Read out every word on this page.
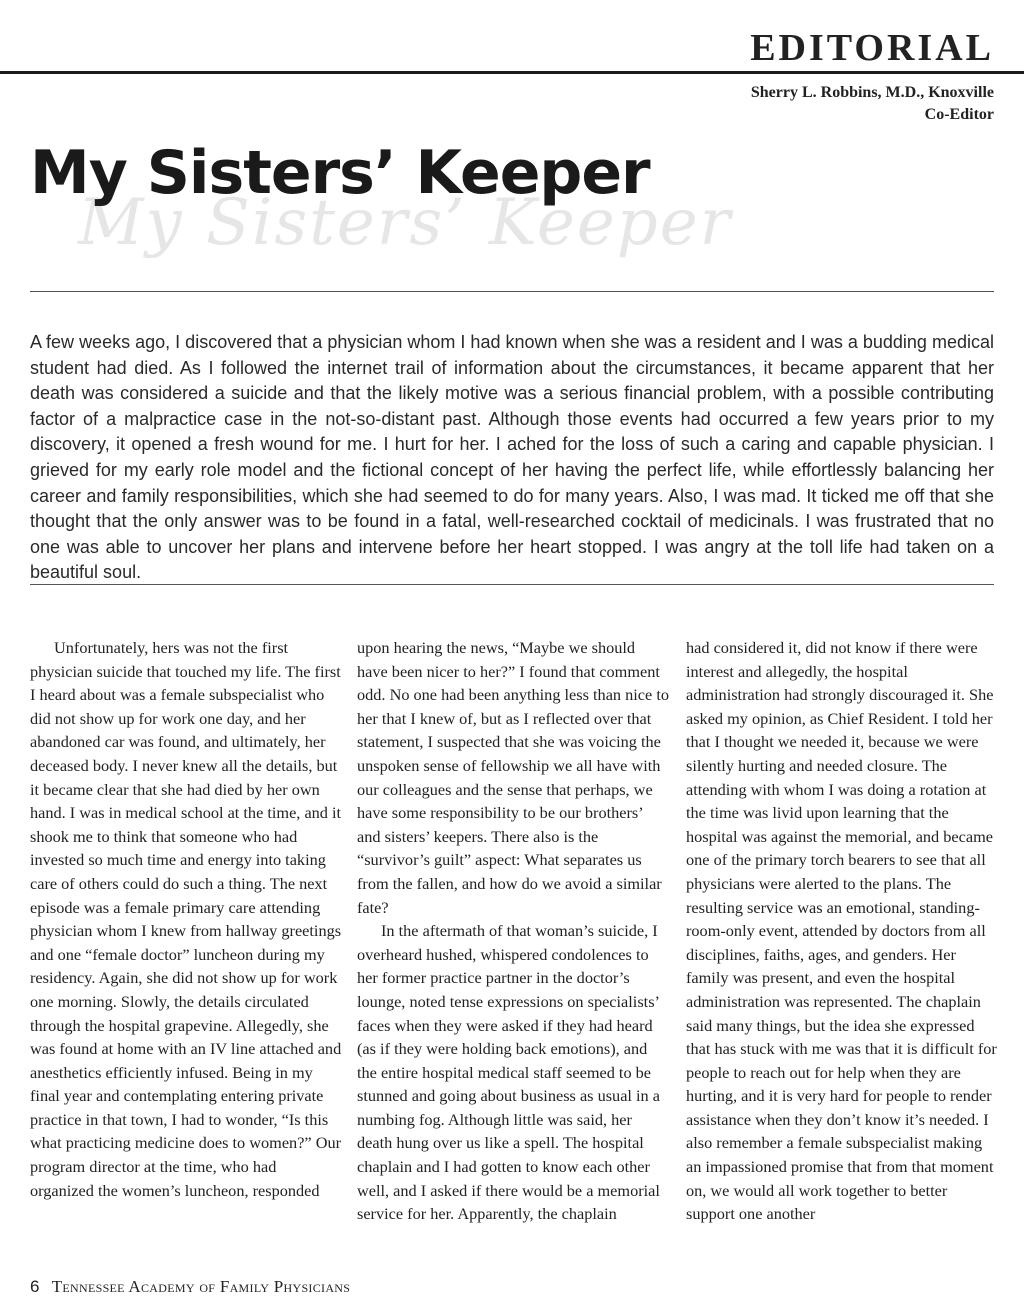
EDITORIAL
Sherry L. Robbins, M.D., Knoxville
Co-Editor
My Sisters’ Keeper
My Sisters’ Keeper

A few weeks ago, I discovered that a physician whom I had known when she was a resident and I was a budding medical student had died. As I followed the internet trail of information about the circumstances, it became apparent that her death was considered a suicide and that the likely motive was a serious financial problem, with a possible contributing factor of a malpractice case in the not-so-distant past. Although those events had occurred a few years prior to my discovery, it opened a fresh wound for me. I hurt for her. I ached for the loss of such a caring and capable physician. I grieved for my early role model and the fictional concept of her having the perfect life, while effortlessly balancing her career and family responsibilities, which she had seemed to do for many years. Also, I was mad. It ticked me off that she thought that the only answer was to be found in a fatal, well-researched cocktail of medicinals. I was frustrated that no one was able to uncover her plans and intervene before her heart stopped. I was angry at the toll life had taken on a beautiful soul.

Unfortunately, hers was not the first physician suicide that touched my life. The first I heard about was a female subspecialist who did not show up for work one day, and her abandoned car was found, and ultimately, her deceased body. I never knew all the details, but it became clear that she had died by her own hand. I was in medical school at the time, and it shook me to think that someone who had invested so much time and energy into taking care of others could do such a thing. The next episode was a female primary care attending physician whom I knew from hallway greetings and one “female doctor” luncheon during my residency. Again, she did not show up for work one morning. Slowly, the details circulated through the hospital grapevine. Allegedly, she was found at home with an IV line attached and anesthetics efficiently infused. Being in my final year and contemplating entering private practice in that town, I had to wonder, “Is this what practicing medicine does to women?” Our program director at the time, who had organized the women’s luncheon, responded

upon hearing the news, “Maybe we should have been nicer to her?” I found that comment odd. No one had been anything less than nice to her that I knew of, but as I reflected over that statement, I suspected that she was voicing the unspoken sense of fellowship we all have with our colleagues and the sense that perhaps, we have some responsibility to be our brothers’ and sisters’ keepers. There also is the “survivor’s guilt” aspect: What separates us from the fallen, and how do we avoid a similar fate?

In the aftermath of that woman’s suicide, I overheard hushed, whispered condolences to her former practice partner in the doctor’s lounge, noted tense expressions on specialists’ faces when they were asked if they had heard (as if they were holding back emotions), and the entire hospital medical staff seemed to be stunned and going about business as usual in a numbing fog. Although little was said, her death hung over us like a spell. The hospital chaplain and I had gotten to know each other well, and I asked if there would be a memorial service for her. Apparently, the chaplain

had considered it, did not know if there were interest and allegedly, the hospital administration had strongly discouraged it. She asked my opinion, as Chief Resident. I told her that I thought we needed it, because we were silently hurting and needed closure. The attending with whom I was doing a rotation at the time was livid upon learning that the hospital was against the memorial, and became one of the primary torch bearers to see that all physicians were alerted to the plans. The resulting service was an emotional, standing-room-only event, attended by doctors from all disciplines, faiths, ages, and genders. Her family was present, and even the hospital administration was represented. The chaplain said many things, but the idea she expressed that has stuck with me was that it is difficult for people to reach out for help when they are hurting, and it is very hard for people to render assistance when they don’t know it’s needed. I also remember a female subspecialist making an impassioned promise that from that moment on, we would all work together to better support one another

6 Tennessee Academy of Family Physicians
